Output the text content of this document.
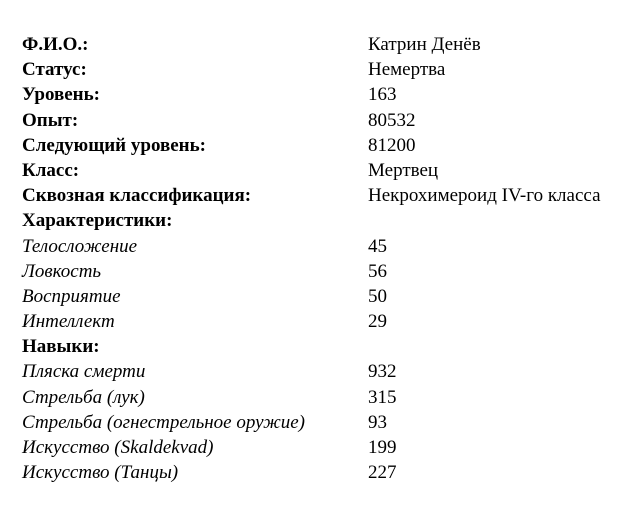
Ф.И.О.:	Катрин Денёв
Статус:	Немертва
Уровень:	163
Опыт:	80532
Следующий уровень:	81200
Класс:	Мертвец
Сквозная классификация:	Некрохимероид IV-го класса
Характеристики:
Телосложение	45
Ловкость	56
Восприятие	50
Интеллект	29
Навыки:
Пляска смерти	932
Стрельба (лук)	315
Стрельба (огнестрельное оружие)	93
Искусство (Skaldekvad)	199
Искусство (Танцы)	227
